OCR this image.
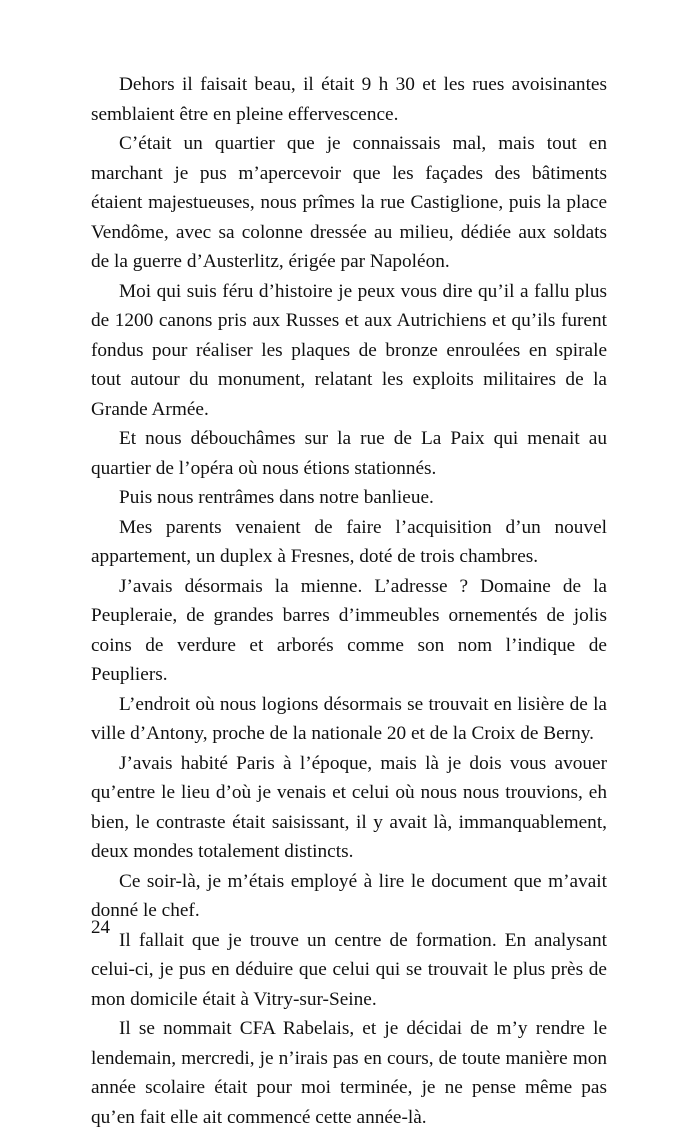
Dehors il faisait beau, il était 9 h 30 et les rues avoisinantes semblaient être en pleine effervescence.

C’était un quartier que je connaissais mal, mais tout en marchant je pus m’apercevoir que les façades des bâtiments étaient majestueuses, nous prîmes la rue Castiglione, puis la place Vendôme, avec sa colonne dressée au milieu, dédiée aux soldats de la guerre d’Austerlitz, érigée par Napoléon.

Moi qui suis féru d’histoire je peux vous dire qu’il a fallu plus de 1200 canons pris aux Russes et aux Autrichiens et qu’ils furent fondus pour réaliser les plaques de bronze enroulées en spirale tout autour du monument, relatant les exploits militaires de la Grande Armée.

Et nous débouchâmes sur la rue de La Paix qui menait au quartier de l’opéra où nous étions stationnés.

Puis nous rentrâmes dans notre banlieue.

Mes parents venaient de faire l’acquisition d’un nouvel appartement, un duplex à Fresnes, doté de trois chambres.

J’avais désormais la mienne. L’adresse ? Domaine de la Peupleraie, de grandes barres d’immeubles ornementés de jolis coins de verdure et arborés comme son nom l’indique de Peupliers.

L’endroit où nous logions désormais se trouvait en lisière de la ville d’Antony, proche de la nationale 20 et de la Croix de Berny.

J’avais habité Paris à l’époque, mais là je dois vous avouer qu’entre le lieu d’où je venais et celui où nous nous trouvions, eh bien, le contraste était saisissant, il y avait là, immanquablement, deux mondes totalement distincts.

Ce soir-là, je m’étais employé à lire le document que m’avait donné le chef.

Il fallait que je trouve un centre de formation. En analysant celui-ci, je pus en déduire que celui qui se trouvait le plus près de mon domicile était à Vitry-sur-Seine.

Il se nommait CFA Rabelais, et je décidai de m’y rendre le lendemain, mercredi, je n’irais pas en cours, de toute manière mon année scolaire était pour moi terminée, je ne pense même pas qu’en fait elle ait commencé cette année-là.

24
